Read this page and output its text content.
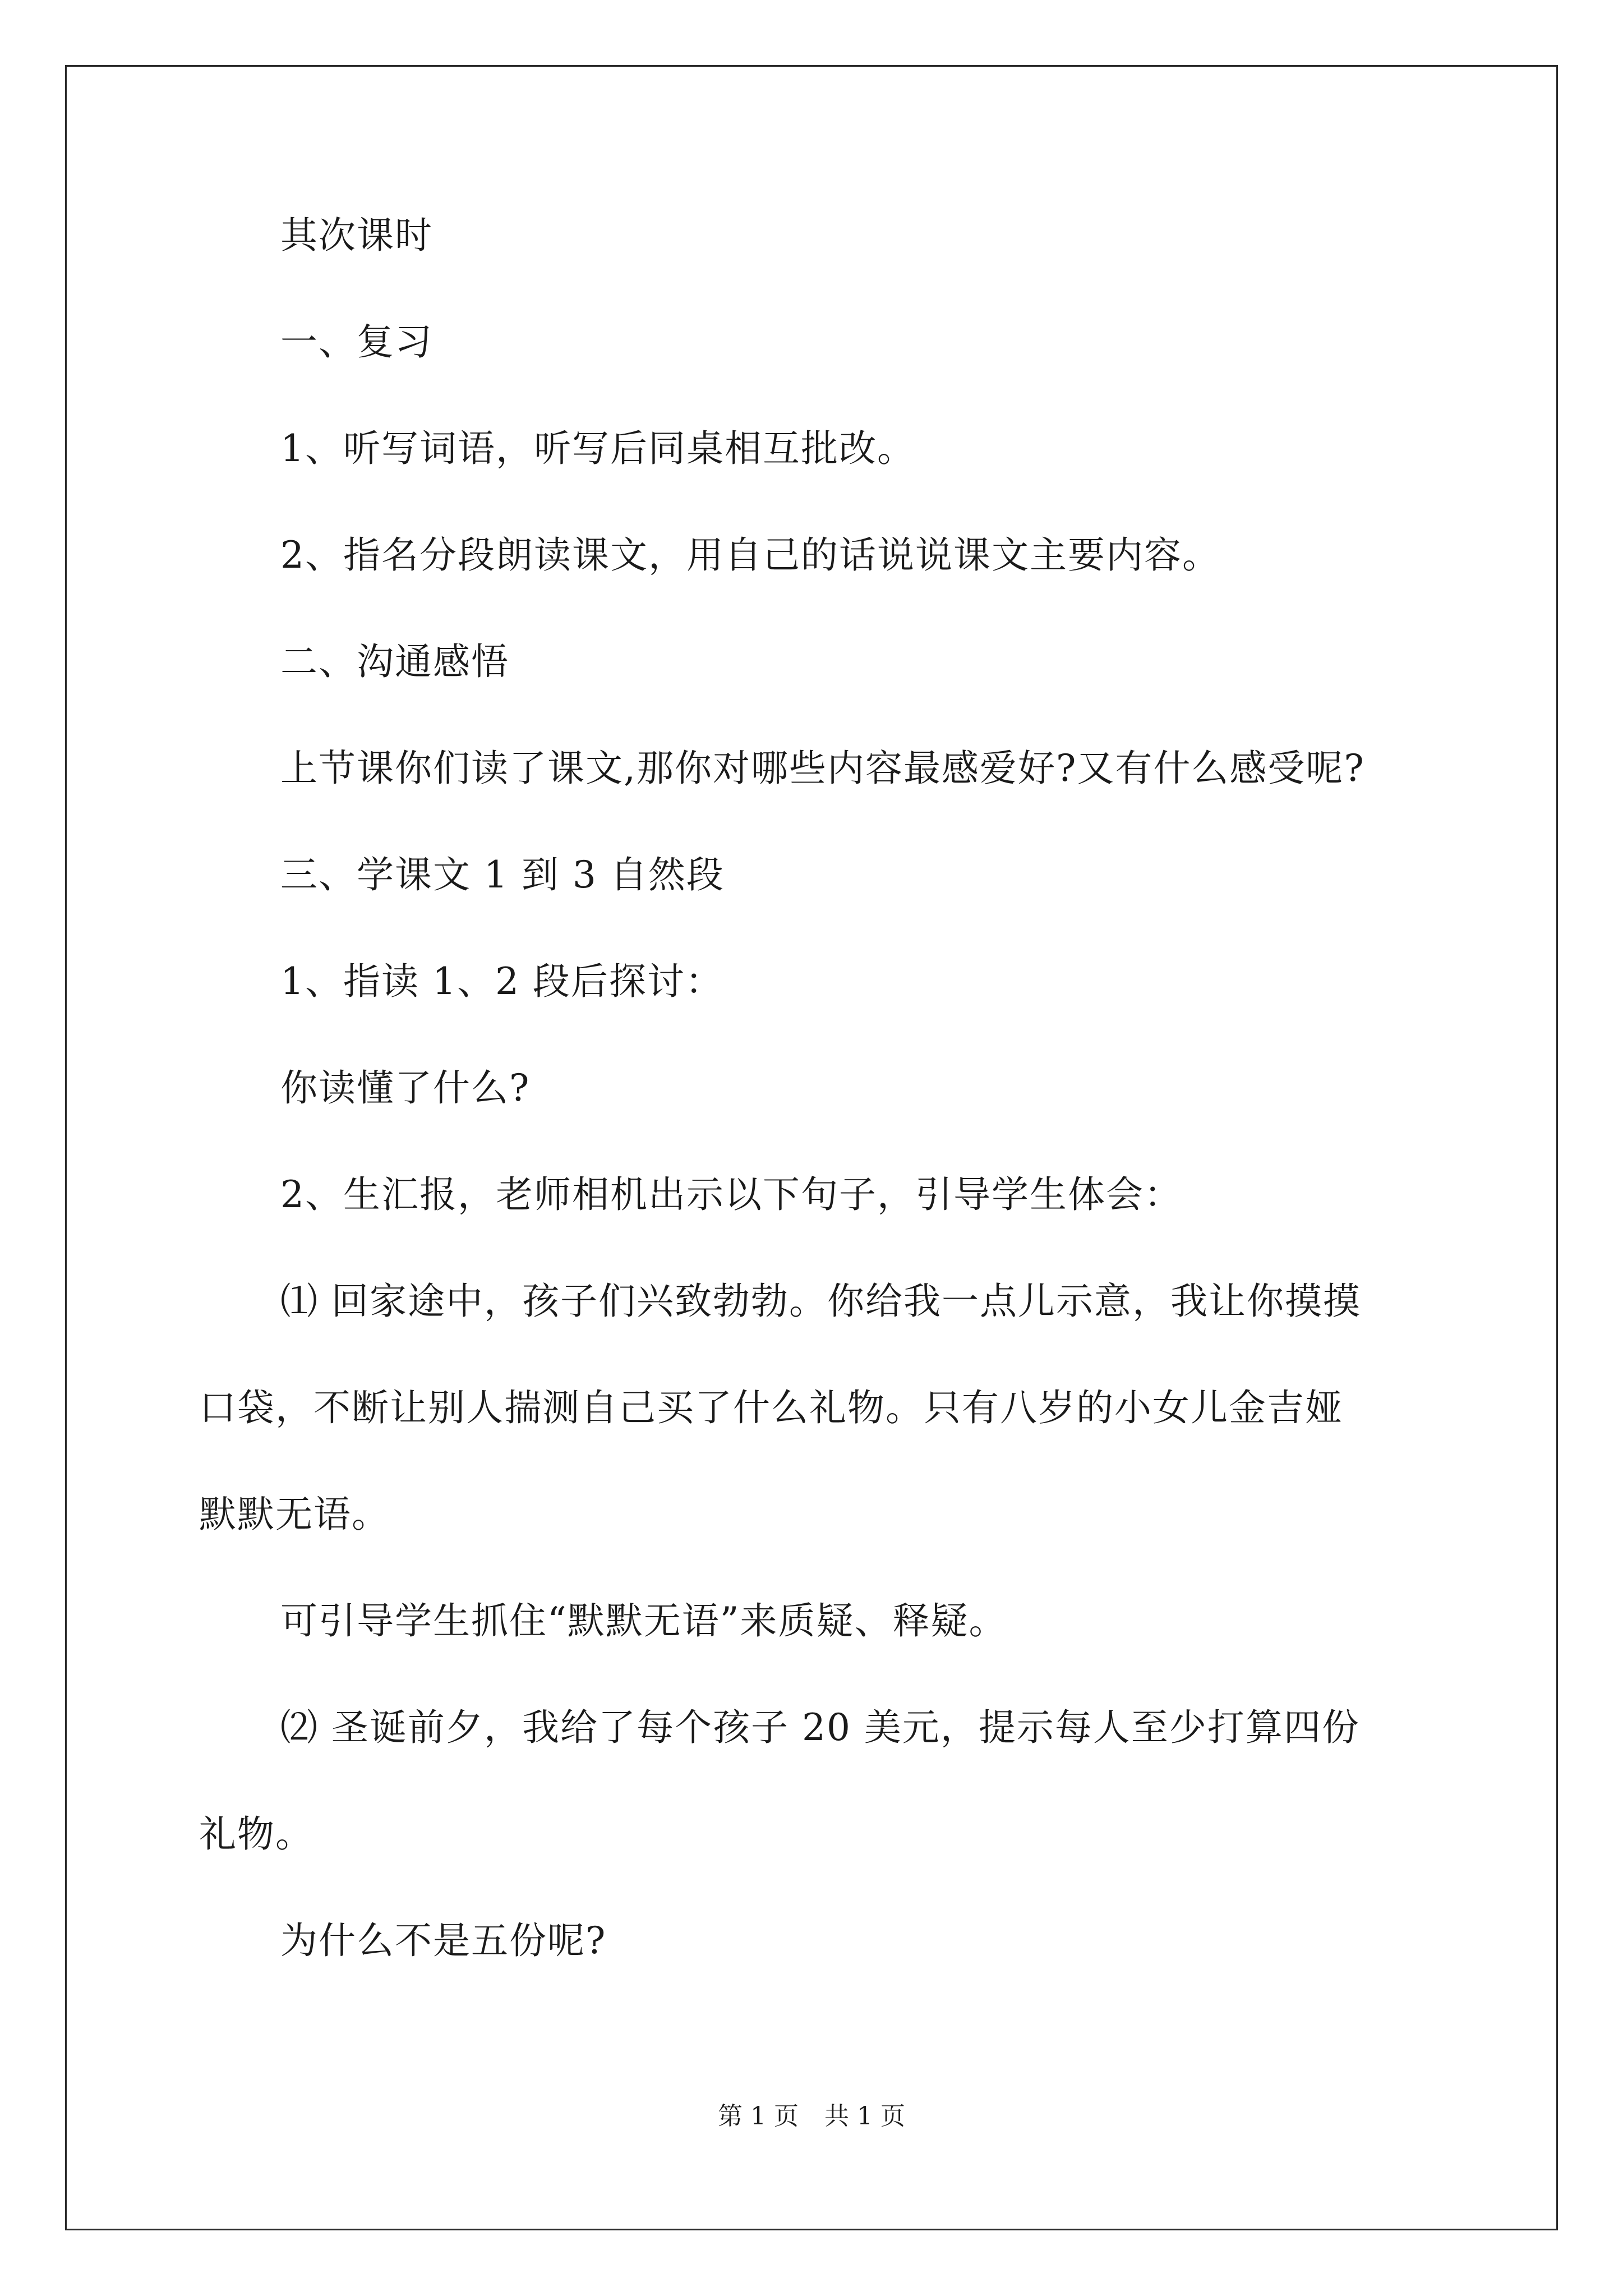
其次课时
一、复习
1、听写词语，听写后同桌相互批改。
2、指名分段朗读课文，用自己的话说说课文主要内容。
二、沟通感悟
上节课你们读了课文,那你对哪些内容最感爱好?又有什么感受呢?
三、学课文 1 到 3 自然段
1、指读 1、2 段后探讨：
你读懂了什么?
2、生汇报，老师相机出示以下句子，引导学生体会：
⑴ 回家途中，孩子们兴致勃勃。你给我一点儿示意，我让你摸摸
口袋，不断让别人揣测自己买了什么礼物。只有八岁的小女儿金吉娅
默默无语。
可引导学生抓住“默默无语”来质疑、释疑。
⑵ 圣诞前夕，我给了每个孩子 20 美元，提示每人至少打算四份
礼物。
为什么不是五份呢?
第 1 页 共 1 页
